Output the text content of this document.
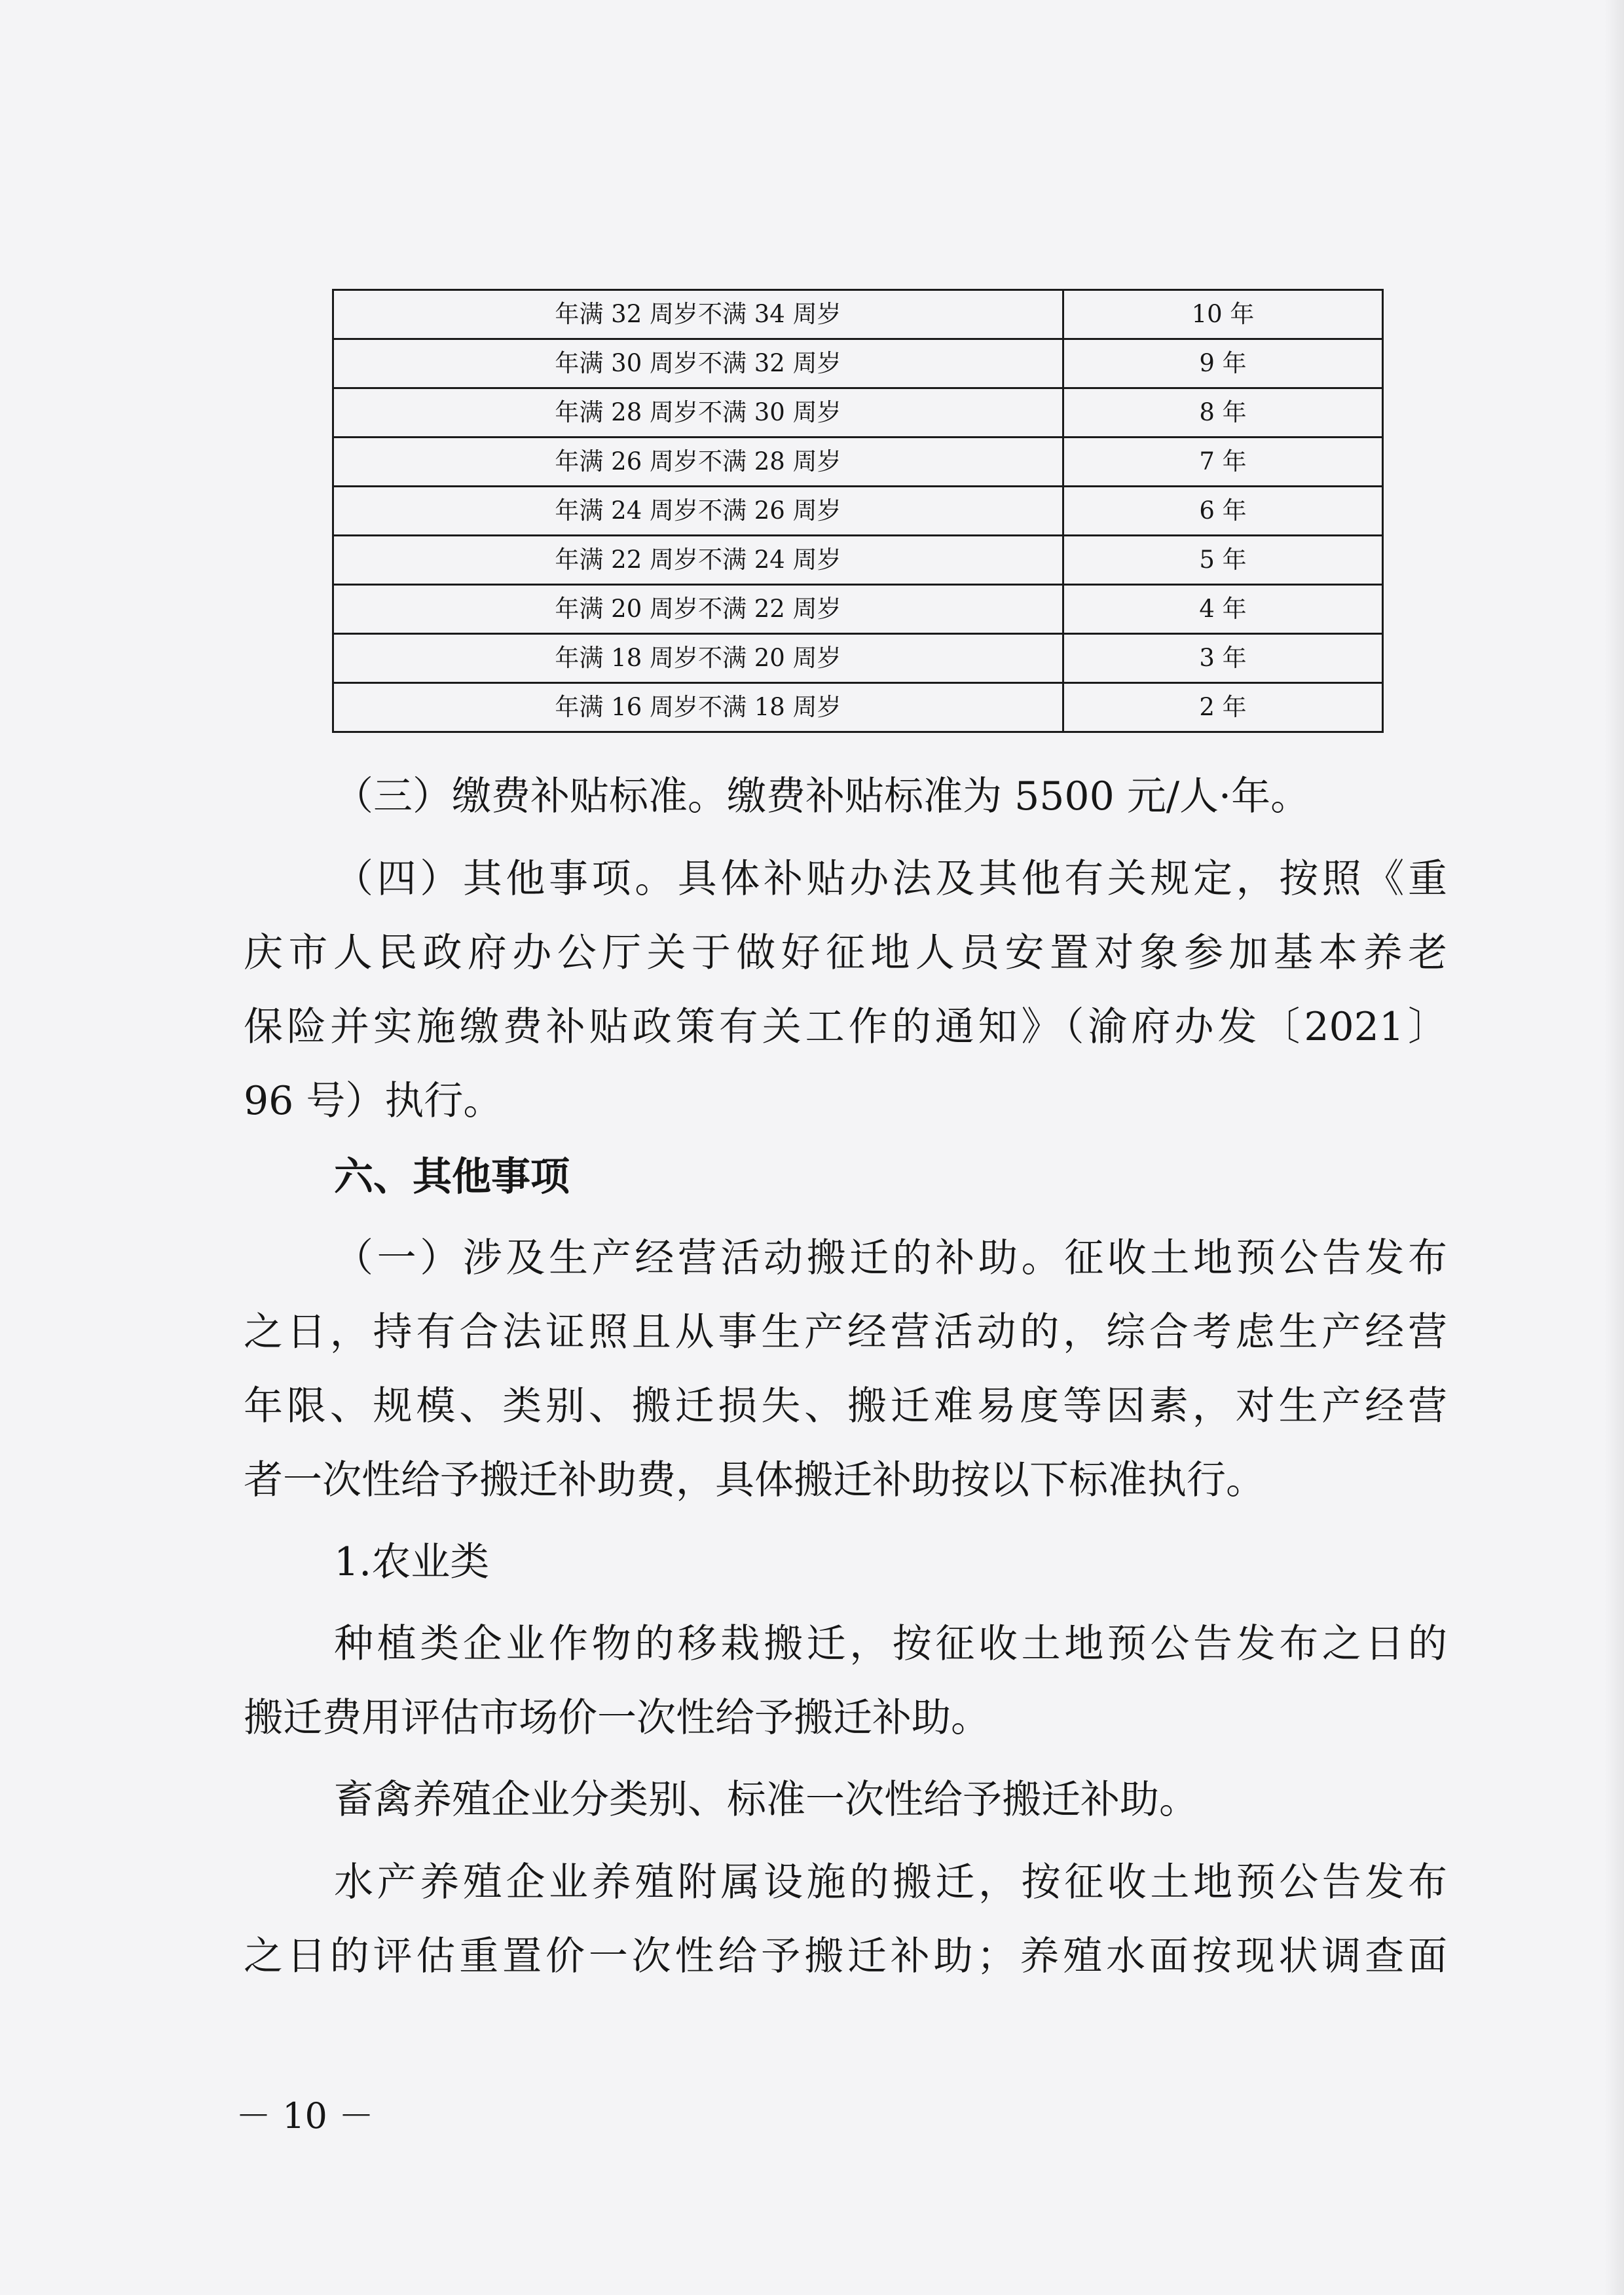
年满 32 周岁不满 34 周岁	10 年
年满 30 周岁不满 32 周岁	9 年
年满 28 周岁不满 30 周岁	8 年
年满 26 周岁不满 28 周岁	7 年
年满 24 周岁不满 26 周岁	6 年
年满 22 周岁不满 24 周岁	5 年
年满 20 周岁不满 22 周岁	4 年
年满 18 周岁不满 20 周岁	3 年
年满 16 周岁不满 18 周岁	2 年
（三）缴费补贴标准。缴费补贴标准为 5500 元/人·年。
（四）其他事项。具体补贴办法及其他有关规定，按照《重
庆市人民政府办公厅关于做好征地人员安置对象参加基本养老
保险并实施缴费补贴政策有关工作的通知》（渝府办发〔2021〕
96 号）执行。
六、其他事项
（一）涉及生产经营活动搬迁的补助。征收土地预公告发布
之日，持有合法证照且从事生产经营活动的，综合考虑生产经营
年限、规模、类别、搬迁损失、搬迁难易度等因素，对生产经营
者一次性给予搬迁补助费，具体搬迁补助按以下标准执行。
1.农业类
种植类企业作物的移栽搬迁，按征收土地预公告发布之日的
搬迁费用评估市场价一次性给予搬迁补助。
畜禽养殖企业分类别、标准一次性给予搬迁补助。
水产养殖企业养殖附属设施的搬迁，按征收土地预公告发布
之日的评估重置价一次性给予搬迁补助；养殖水面按现状调查面
－ 10 －
